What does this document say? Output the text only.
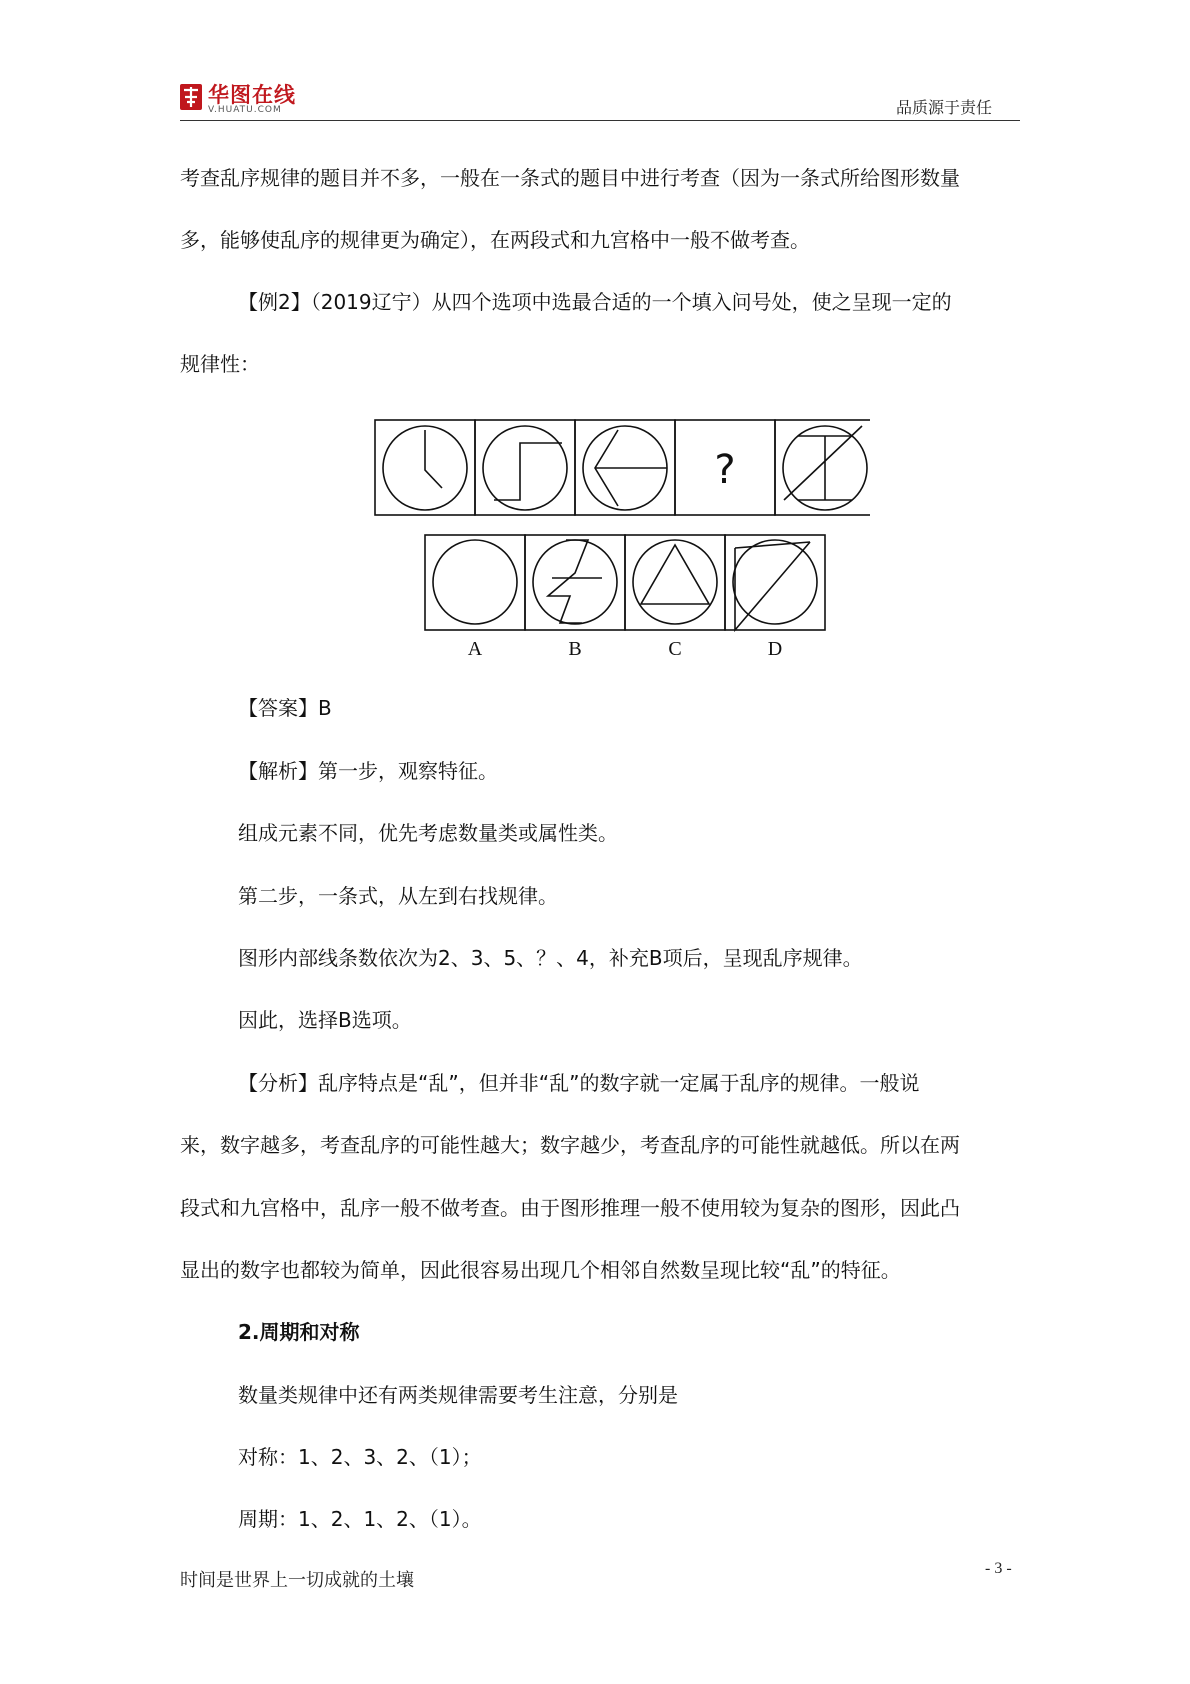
华图在线
V.HUATU.COM	品质源于责任

考查乱序规律的题目并不多，一般在一条式的题目中进行考查（因为一条式所给图形数量

多，能够使乱序的规律更为确定），在两段式和九宫格中一般不做考查。

【例2】（2019辽宁）从四个选项中选最合适的一个填入问号处，使之呈现一定的

规律性：

?
A	B	C	D

【答案】B

【解析】第一步，观察特征。

组成元素不同，优先考虑数量类或属性类。

第二步，一条式，从左到右找规律。

图形内部线条数依次为2、3、5、？、4，补充B项后，呈现乱序规律。

因此，选择B选项。

【分析】乱序特点是“乱”，但并非“乱”的数字就一定属于乱序的规律。一般说

来，数字越多，考查乱序的可能性越大；数字越少，考查乱序的可能性就越低。所以在两

段式和九宫格中，乱序一般不做考查。由于图形推理一般不使用较为复杂的图形，因此凸

显出的数字也都较为简单，因此很容易出现几个相邻自然数呈现比较“乱”的特征。

2.周期和对称

数量类规律中还有两类规律需要考生注意，分别是

对称：1、2、3、2、（1）；

周期：1、2、1、2、（1）。

时间是世界上一切成就的土壤
- 3 -
